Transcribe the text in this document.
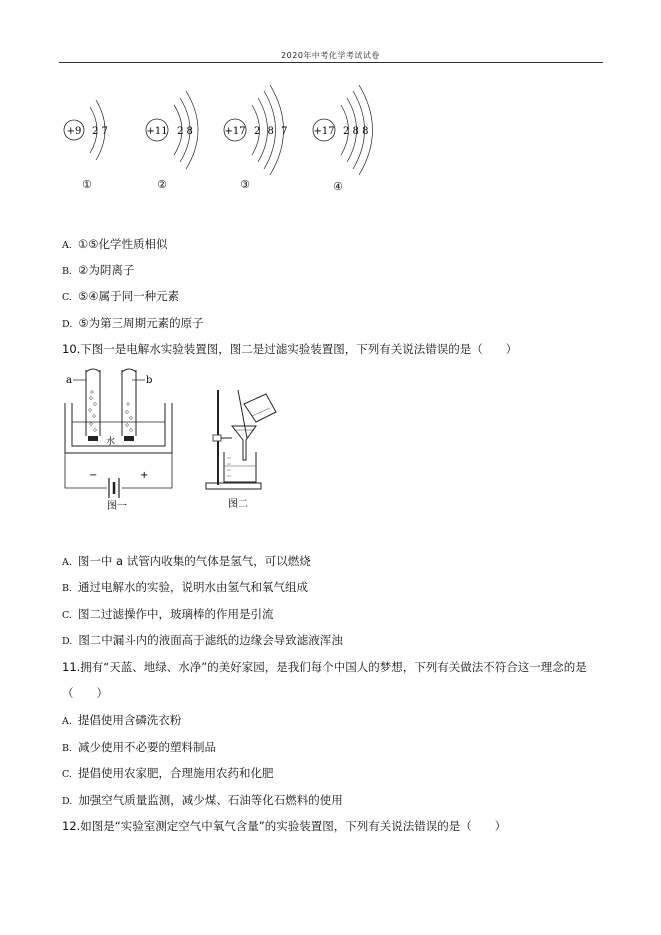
2020年中考化学考试试卷
+9 2 7	+11 2 8	+17 2 8 7	+17 2 8 8
①	②	③	④
A. ①⑤化学性质相似
B. ②为阴离子
C. ⑤④属于同一种元素
D. ⑤为第三周期元素的原子
10.下图一是电解水实验装置图，图二是过滤实验装置图，下列有关说法错误的是（　　）
a	b
水
−	+
图一	图二
A. 图一中 a 试管内收集的气体是氢气，可以燃烧
B. 通过电解水的实验，说明水由氢气和氧气组成
C. 图二过滤操作中，玻璃棒的作用是引流
D. 图二中漏斗内的液面高于滤纸的边缘会导致滤液浑浊
11.拥有“天蓝、地绿、水净”的美好家园，是我们每个中国人的梦想，下列有关做法不符合这一理念的是
（　　）
A. 提倡使用含磷洗衣粉
B. 减少使用不必要的塑料制品
C. 提倡使用农家肥，合理施用农药和化肥
D. 加强空气质量监测，减少煤、石油等化石燃料的使用
12.如图是“实验室测定空气中氧气含量”的实验装置图，下列有关说法错误的是（　　）
